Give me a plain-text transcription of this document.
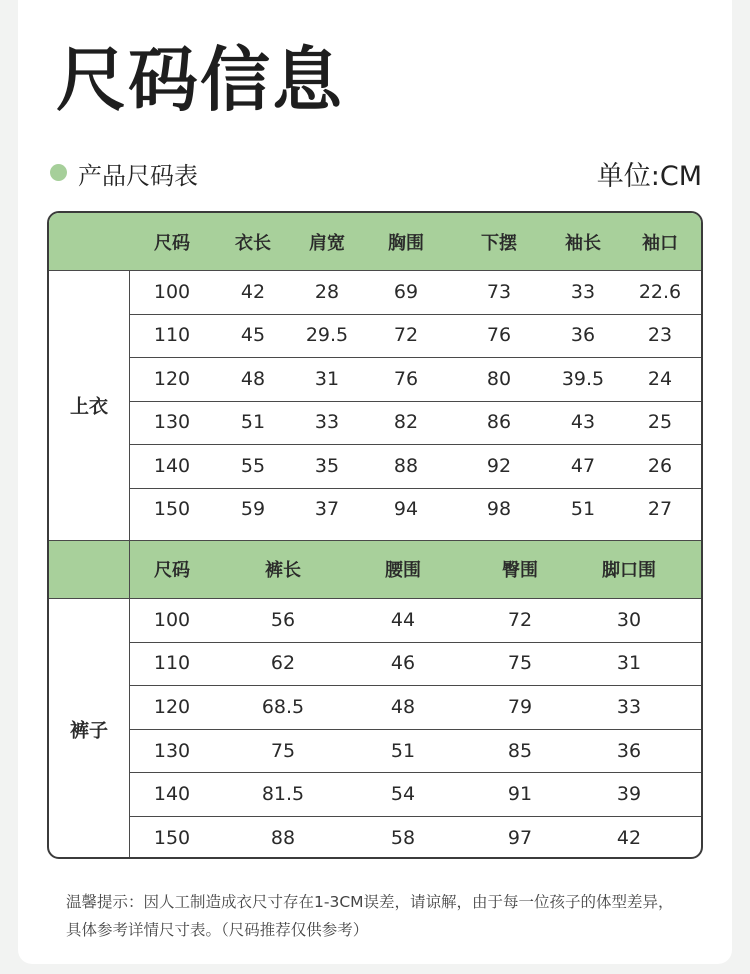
尺码信息
产品尺码表	单位:CM
尺码	衣长 肩宽 胸围	下摆	袖长 袖口
尺码	裤长	腰围	臀围	脚口围
上衣
裤子
100	42	28	69	73	33 22.6
110	45 29.5 72	76	36	23
120	48	31	76	80	39.5 24
130	51	33	82	86	43	25
140	55	35	88	92	47	26
150	59	37	94	98	51	27
100	56	44	72	30
110	62	46	75	31
120	68.5	48	79	33
130	75	51	85	36
140	81.5	54	91	39
150	88	58	97	42
温馨提示：因人工制造成衣尺寸存在1-3CM误差，请谅解，由于每一位孩子的体型差异，
具体参考详情尺寸表。（尺码推荐仅供参考）
